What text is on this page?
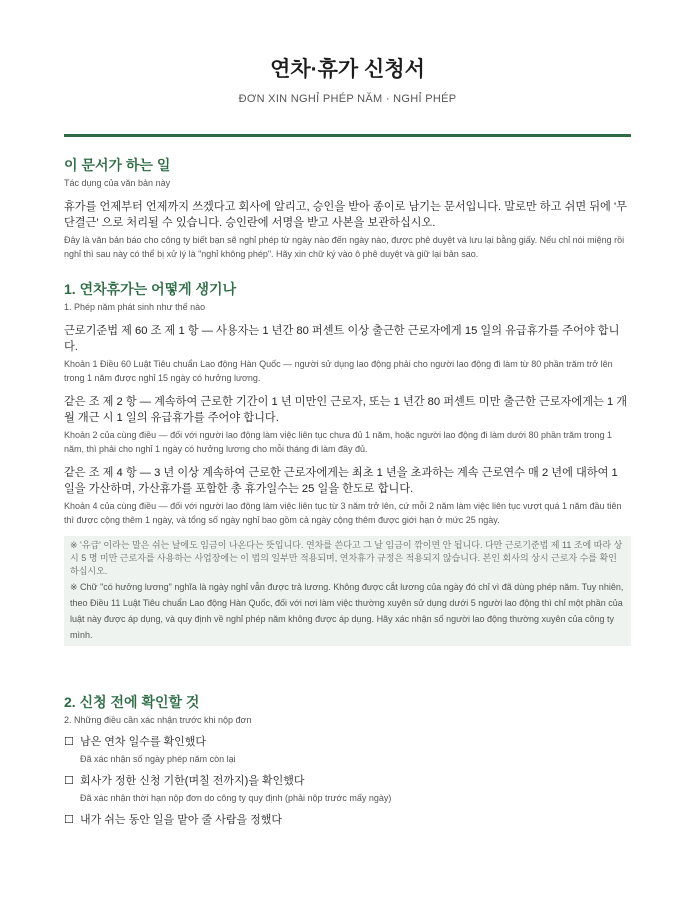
연차·휴가 신청서
ĐƠN XIN NGHỈ PHÉP NĂM · NGHỈ PHÉP
이 문서가 하는 일
Tác dụng của văn bản này
휴가를 언제부터 언제까지 쓰겠다고 회사에 알리고, 승인을 받아 종이로 남기는 문서입니다. 말로만 하고 쉬면 뒤에 '무단결근' 으로 처리될 수 있습니다. 승인란에 서명을 받고 사본을 보관하십시오.
Đây là văn bản báo cho công ty biết bạn sẽ nghỉ phép từ ngày nào đến ngày nào, được phê duyệt và lưu lại bằng giấy. Nếu chỉ nói miệng rồi nghỉ thì sau này có thể bị xử lý là "nghỉ không phép". Hãy xin chữ ký vào ô phê duyệt và giữ lại bản sao.
1. 연차휴가는 어떻게 생기나
1. Phép năm phát sinh như thế nào
근로기준법 제 60 조 제 1 항 — 사용자는 1 년간 80 퍼센트 이상 출근한 근로자에게 15 일의 유급휴가를 주어야 합니다.
Khoản 1 Điều 60 Luật Tiêu chuẩn Lao động Hàn Quốc — người sử dụng lao động phải cho người lao động đi làm từ 80 phần trăm trở lên trong 1 năm được nghỉ 15 ngày có hưởng lương.
같은 조 제 2 항 — 계속하여 근로한 기간이 1 년 미만인 근로자, 또는 1 년간 80 퍼센트 미만 출근한 근로자에게는 1 개월 개근 시 1 일의 유급휴가를 주어야 합니다.
Khoản 2 của cùng điều — đối với người lao động làm việc liên tục chưa đủ 1 năm, hoặc người lao động đi làm dưới 80 phần trăm trong 1 năm, thì phải cho nghỉ 1 ngày có hưởng lương cho mỗi tháng đi làm đầy đủ.
같은 조 제 4 항 — 3 년 이상 계속하여 근로한 근로자에게는 최초 1 년을 초과하는 계속 근로연수 매 2 년에 대하여 1 일을 가산하며, 가산휴가를 포함한 총 휴가일수는 25 일을 한도로 합니다.
Khoản 4 của cùng điều — đối với người lao động làm việc liên tục từ 3 năm trở lên, cứ mỗi 2 năm làm việc liên tục vượt quá 1 năm đầu tiên thì được cộng thêm 1 ngày, và tổng số ngày nghỉ bao gồm cả ngày cộng thêm được giới hạn ở mức 25 ngày.
※ '유급' 이라는 말은 쉬는 날에도 임금이 나온다는 뜻입니다. 연차를 쓴다고 그 날 임금이 깎이면 안 됩니다. 다만 근로기준법 제 11 조에 따라 상시 5 명 미만 근로자를 사용하는 사업장에는 이 법의 일부만 적용되며, 연차휴가 규정은 적용되지 않습니다. 본인 회사의 상시 근로자 수를 확인하십시오.
※ Chữ "có hưởng lương" nghĩa là ngày nghỉ vẫn được trả lương. Không được cắt lương của ngày đó chỉ vì đã dùng phép năm. Tuy nhiên, theo Điều 11 Luật Tiêu chuẩn Lao động Hàn Quốc, đối với nơi làm việc thường xuyên sử dụng dưới 5 người lao động thì chỉ một phần của luật này được áp dụng, và quy định về nghỉ phép năm không được áp dụng. Hãy xác nhận số người lao động thường xuyên của công ty mình.
2. 신청 전에 확인할 것
2. Những điều cần xác nhận trước khi nộp đơn
☐ 남은 연차 일수를 확인했다
Đã xác nhận số ngày phép năm còn lại
☐ 회사가 정한 신청 기한(며칠 전까지)을 확인했다
Đã xác nhận thời hạn nộp đơn do công ty quy định (phải nộp trước mấy ngày)
☐ 내가 쉬는 동안 일을 맡아 줄 사람을 정했다
